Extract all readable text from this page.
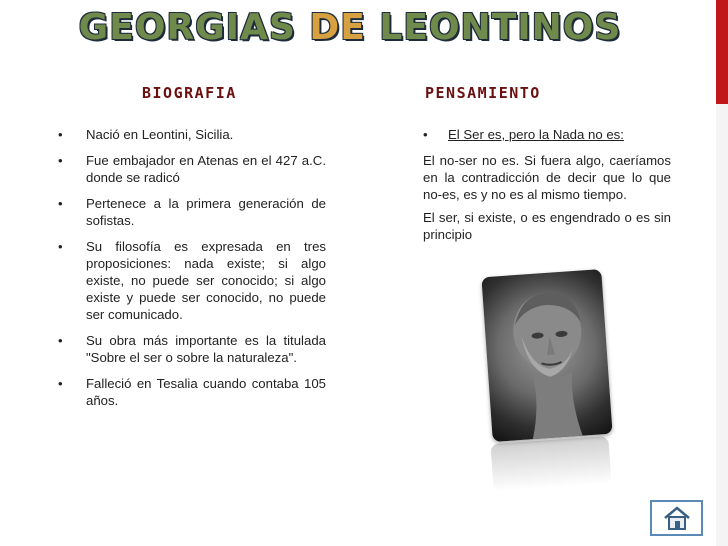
GEORGIAS DE LEONTINOS
BIOGRAFIA	PENSAMIENTO
• Nació en Leontini, Sicilia.
• Fue embajador en Atenas en el 427 a.C. donde se radicó
• Pertenece a la primera generación de sofistas.
• Su filosofía es expresada en tres proposiciones: nada existe; si algo existe, no puede ser conocido; si algo existe y puede ser conocido, no puede ser comunicado.
• Su obra más importante es la titulada "Sobre el ser o sobre la naturaleza".
• Falleció en Tesalia cuando contaba 105 años.
• El Ser es, pero la Nada no es:

El no-ser no es. Si fuera algo, caeríamos en la contradicción de decir que lo que no-es, es y no es al mismo tiempo.

El ser, si existe, o es engendrado o es sin principio
